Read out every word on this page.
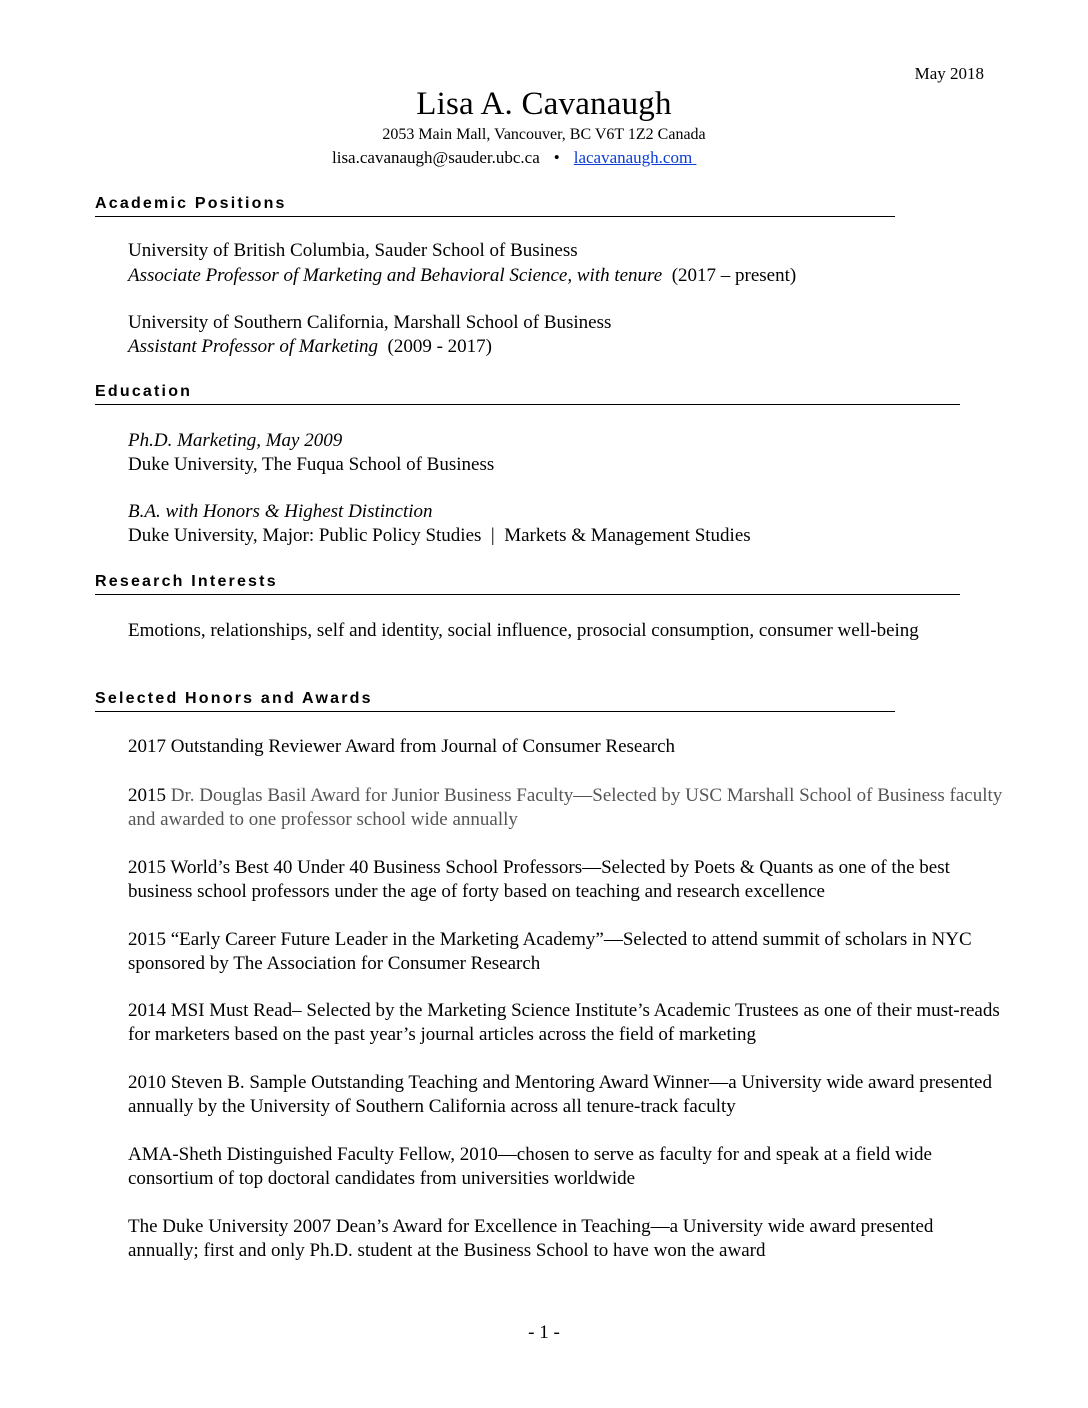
May 2018
Lisa A. Cavanaugh
2053 Main Mall, Vancouver, BC V6T 1Z2 Canada
lisa.cavanaugh@sauder.ubc.ca • lacavanaugh.com
Academic Positions
University of British Columbia, Sauder School of Business
Associate Professor of Marketing and Behavioral Science, with tenure (2017 – present)
University of Southern California, Marshall School of Business
Assistant Professor of Marketing (2009 - 2017)
Education
Ph.D. Marketing, May 2009
Duke University, The Fuqua School of Business
B.A. with Honors & Highest Distinction
Duke University, Major: Public Policy Studies  |  Markets & Management Studies
Research Interests
Emotions, relationships, self and identity, social influence, prosocial consumption, consumer well-being
Selected Honors and Awards
2017 Outstanding Reviewer Award from Journal of Consumer Research
2015 Dr. Douglas Basil Award for Junior Business Faculty—Selected by USC Marshall School of Business faculty and awarded to one professor school wide annually
2015 World’s Best 40 Under 40 Business School Professors—Selected by Poets & Quants as one of the best business school professors under the age of forty based on teaching and research excellence
2015 “Early Career Future Leader in the Marketing Academy”—Selected to attend summit of scholars in NYC sponsored by The Association for Consumer Research
2014 MSI Must Read– Selected by the Marketing Science Institute’s Academic Trustees as one of their must-reads for marketers based on the past year’s journal articles across the field of marketing
2010 Steven B. Sample Outstanding Teaching and Mentoring Award Winner—a University wide award presented annually by the University of Southern California across all tenure-track faculty
AMA-Sheth Distinguished Faculty Fellow, 2010—chosen to serve as faculty for and speak at a field wide consortium of top doctoral candidates from universities worldwide
The Duke University 2007 Dean’s Award for Excellence in Teaching—a University wide award presented annually; first and only Ph.D. student at the Business School to have won the award
- 1 -
